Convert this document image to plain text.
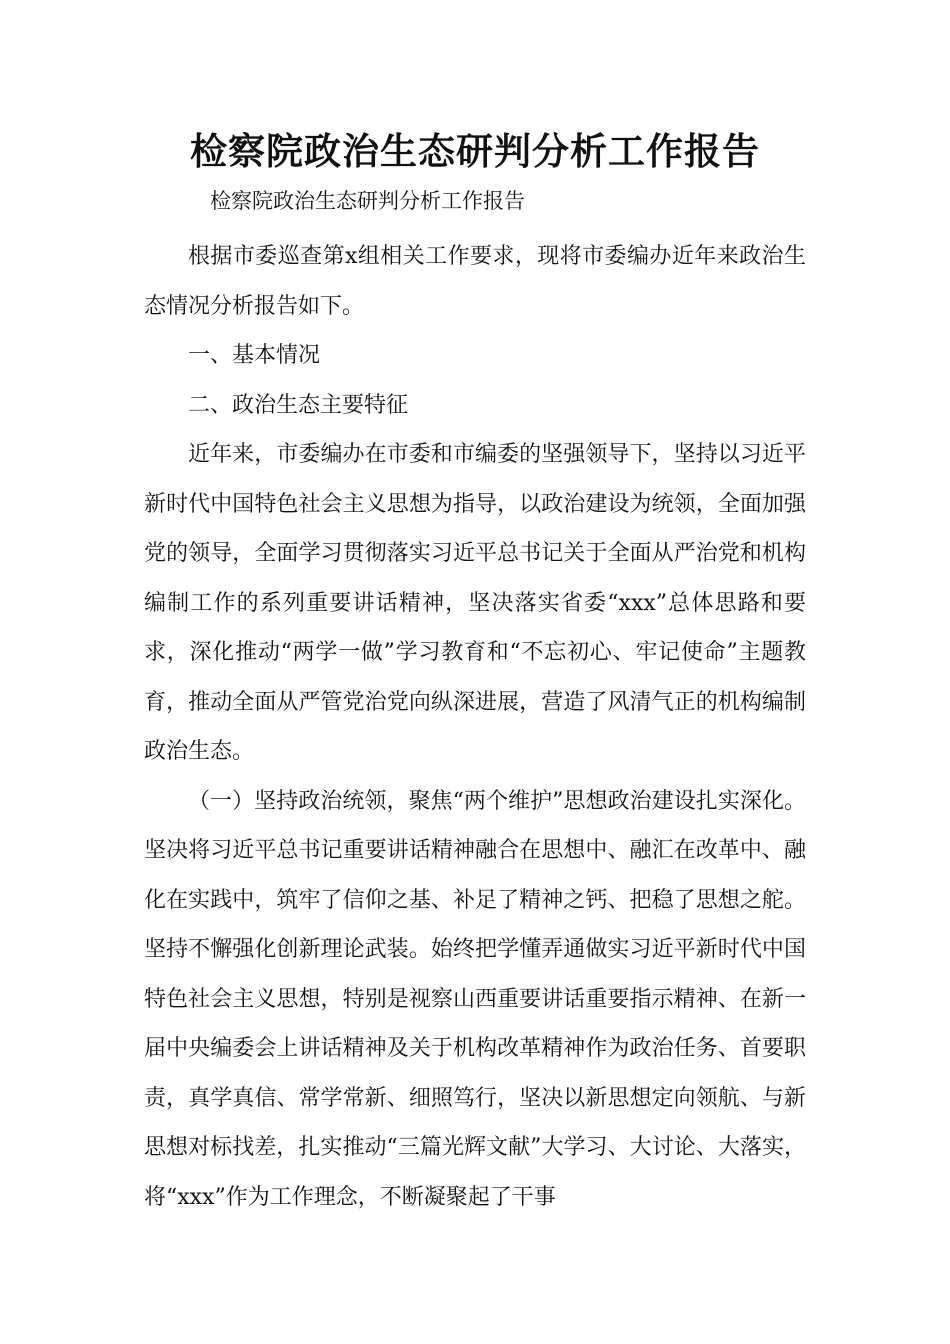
检察院政治生态研判分析工作报告

检察院政治生态研判分析工作报告

根据市委巡查第x组相关工作要求，现将市委编办近年来政治生态情况分析报告如下。

一、基本情况

二、政治生态主要特征

近年来，市委编办在市委和市编委的坚强领导下，坚持以习近平新时代中国特色社会主义思想为指导，以政治建设为统领，全面加强党的领导，全面学习贯彻落实习近平总书记关于全面从严治党和机构编制工作的系列重要讲话精神，坚决落实省委“xxx”总体思路和要求，深化推动“两学一做”学习教育和“不忘初心、牢记使命”主题教育，推动全面从严管党治党向纵深进展，营造了风清气正的机构编制政治生态。

（一）坚持政治统领，聚焦“两个维护”思想政治建设扎实深化。坚决将习近平总书记重要讲话精神融合在思想中、融汇在改革中、融化在实践中，筑牢了信仰之基、补足了精神之钙、把稳了思想之舵。坚持不懈强化创新理论武装。始终把学懂弄通做实习近平新时代中国特色社会主义思想，特别是视察山西重要讲话重要指示精神、在新一届中央编委会上讲话精神及关于机构改革精神作为政治任务、首要职责，真学真信、常学常新、细照笃行，坚决以新思想定向领航、与新思想对标找差，扎实推动“三篇光辉文献”大学习、大讨论、大落实，将“xxx”作为工作理念，不断凝聚起了干事
